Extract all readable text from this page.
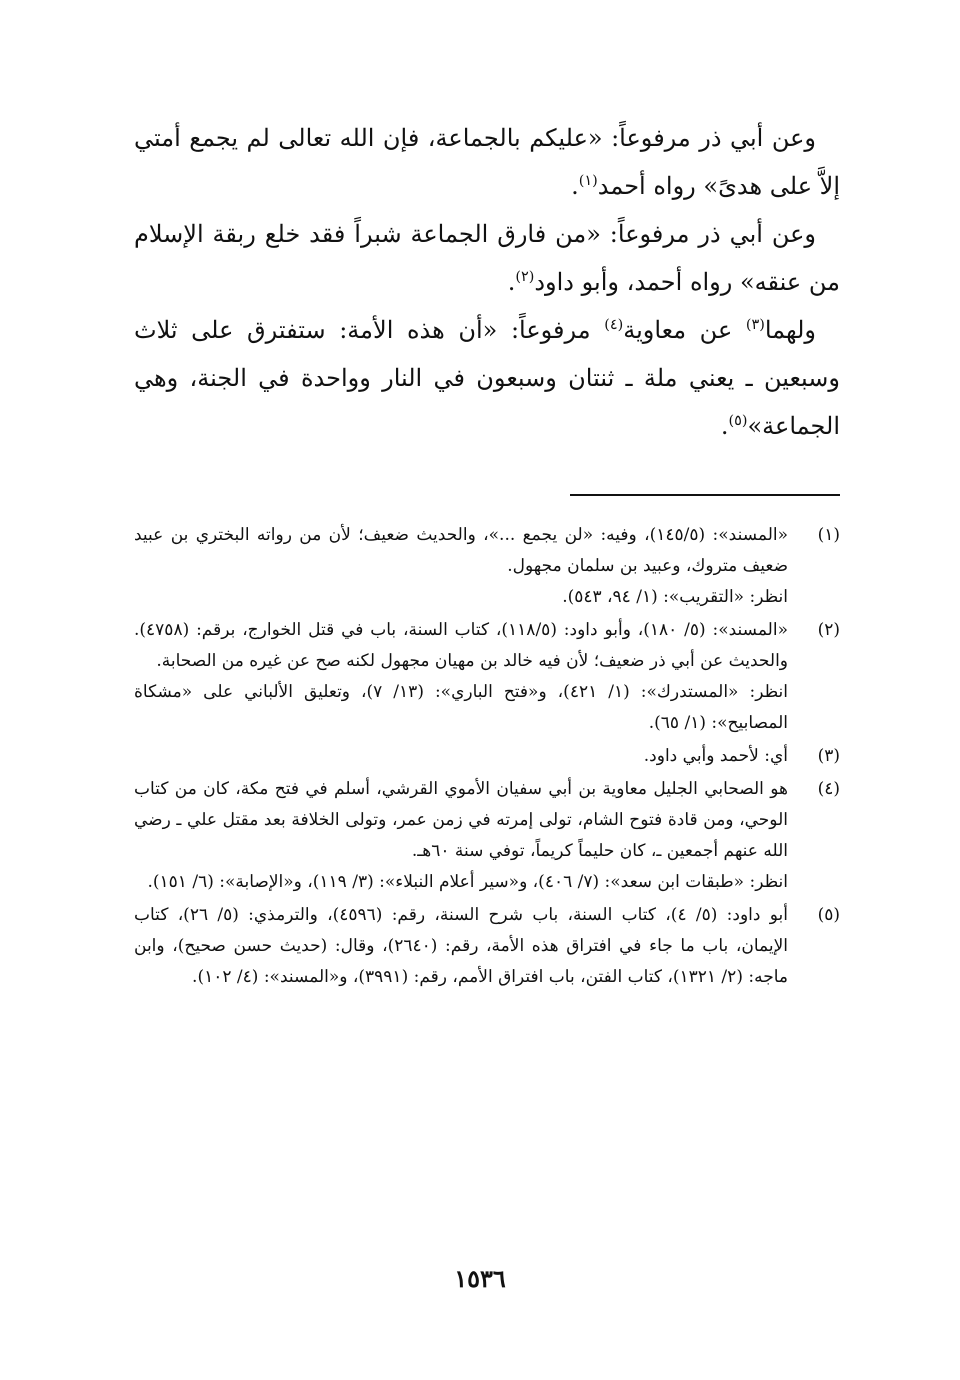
وعن أبي ذر مرفوعاً: «عليكم بالجماعة، فإن الله تعالى لم يجمع أمتي إلاَّ على هدىً» رواه أحمد$^{(١)}$.

وعن أبي ذر مرفوعاً: «من فارق الجماعة شبراً فقد خلع ربقة الإسلام من عنقه» رواه أحمد، وأبو داود$^{(٢)}$.

ولهما$^{(٣)}$ عن معاوية$^{(٤)}$ مرفوعاً: «أن هذه الأمة: ستفترق على ثلاث وسبعين ـ يعني ملة ـ ثنتان وسبعون في النار وواحدة في الجنة، وهي الجماعة»$^{(٥)}$.

(١)
«المسند»: (١٤٥/٥)، وفيه: «لن يجمع ...»، والحديث ضعيف؛ لأن من رواته البختري بن عبيد ضعيف متروك، وعبيد بن سلمان مجهول.
انظر: «التقريب»: (١/ ٩٤، ٥٤٣).
(٢)
«المسند»: (٥/ ١٨٠)، وأبو داود: (١١٨/٥)، كتاب السنة، باب في قتل الخوارج، برقم: (٤٧٥٨). والحديث عن أبي ذر ضعيف؛ لأن فيه خالد بن مهيان مجهول لكنه صح عن غيره من الصحابة.
انظر: «المستدرك»: (١/ ٤٢١)، و«فتح الباري»: (١٣/ ٧)، وتعليق الألباني على «مشكاة المصابيح»: (١/ ٦٥).
(٣)
أي: لأحمد وأبي داود.
(٤)
هو الصحابي الجليل معاوية بن أبي سفيان الأموي القرشي، أسلم في فتح مكة، كان من كتاب الوحي، ومن قادة فتوح الشام، تولى إمرته في زمن عمر، وتولى الخلافة بعد مقتل علي ـ رضي الله عنهم أجمعين ـ، كان حليماً كريماً، توفي سنة ٦٠هـ.
انظر: «طبقات ابن سعد»: (٧/ ٤٠٦)، و«سير أعلام النبلاء»: (٣/ ١١٩)، و«الإصابة»: (٦/ ١٥١).
(٥)
أبو داود: (٥/ ٤)، كتاب السنة، باب شرح السنة، رقم: (٤٥٩٦)، والترمذي: (٥/ ٢٦)، كتاب الإيمان، باب ما جاء في افتراق هذه الأمة، رقم: (٢٦٤٠)، وقال: (حديث حسن صحيح)، وابن ماجه: (٢/ ١٣٢١)، كتاب الفتن، باب افتراق الأمم، رقم: (٣٩٩١)، و«المسند»: (٤/ ١٠٢).
١٥٣٦
